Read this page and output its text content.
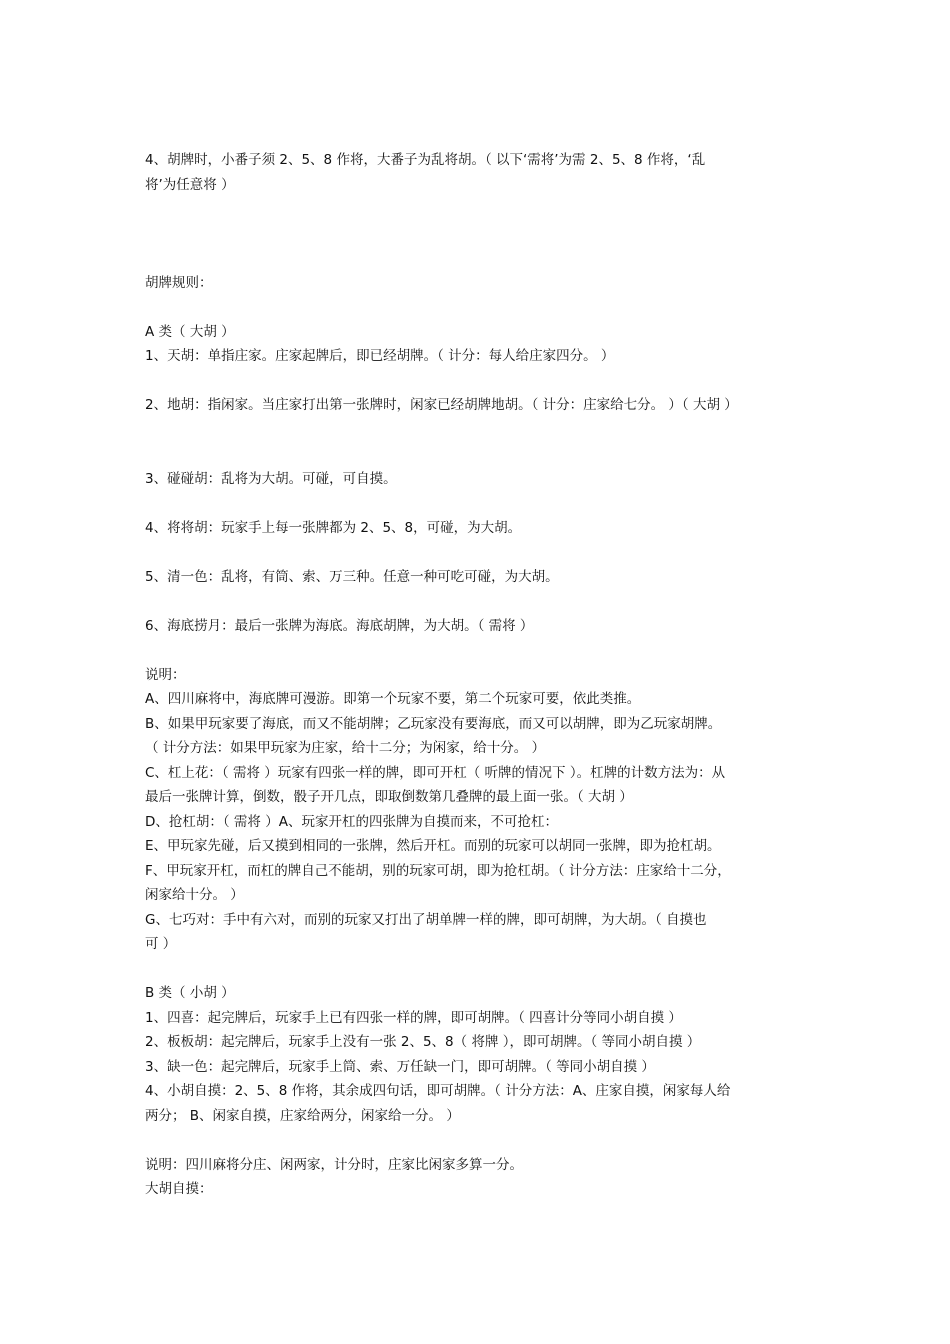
4、胡牌时，小番子须 2、5、8 作将，大番子为乱将胡。（ 以下‘需将’为需 2、5、8 作将，‘乱
将’为任意将 ）
胡牌规则：
A 类（ 大胡 ）
1、天胡：单指庄家。庄家起牌后，即已经胡牌。（ 计分：每人给庄家四分。 ）
2、地胡：指闲家。当庄家打出第一张牌时，闲家已经胡牌地胡。（ 计分：庄家给七分。 ）（ 大胡 ）
3、碰碰胡：乱将为大胡。可碰，可自摸。
4、将将胡：玩家手上每一张牌都为 2、5、8，可碰，为大胡。
5、清一色：乱将，有筒、索、万三种。任意一种可吃可碰，为大胡。
6、海底捞月：最后一张牌为海底。海底胡牌，为大胡。（ 需将 ）
说明：
A、四川麻将中，海底牌可漫游。即第一个玩家不要，第二个玩家可要，依此类推。
B、如果甲玩家要了海底，而又不能胡牌；乙玩家没有要海底，而又可以胡牌，即为乙玩家胡牌。
（ 计分方法：如果甲玩家为庄家，给十二分；为闲家，给十分。 ）
C、杠上花：（ 需将 ）玩家有四张一样的牌，即可开杠（ 听牌的情况下 ）。杠牌的计数方法为：从
最后一张牌计算，倒数，骰子开几点，即取倒数第几叠牌的最上面一张。（ 大胡 ）
D、抢杠胡：（ 需将 ）A、玩家开杠的四张牌为自摸而来，不可抢杠：
E、甲玩家先碰，后又摸到相同的一张牌，然后开杠。而别的玩家可以胡同一张牌，即为抢杠胡。
F、甲玩家开杠，而杠的牌自己不能胡，别的玩家可胡，即为抢杠胡。（ 计分方法：庄家给十二分，
闲家给十分。 ）
G、七巧对：手中有六对，而别的玩家又打出了胡单牌一样的牌，即可胡牌，为大胡。（ 自摸也
可 ）
B 类（ 小胡 ）
1、四喜：起完牌后，玩家手上已有四张一样的牌，即可胡牌。（ 四喜计分等同小胡自摸 ）
2、板板胡：起完牌后，玩家手上没有一张 2、5、8（ 将牌 ），即可胡牌。（ 等同小胡自摸 ）
3、缺一色：起完牌后，玩家手上筒、索、万任缺一门，即可胡牌。（ 等同小胡自摸 ）
4、小胡自摸：2、5、8 作将，其余成四句话，即可胡牌。（ 计分方法：A、庄家自摸，闲家每人给
两分； B、闲家自摸，庄家给两分，闲家给一分。 ）
说明：四川麻将分庄、闲两家，计分时，庄家比闲家多算一分。
大胡自摸：
